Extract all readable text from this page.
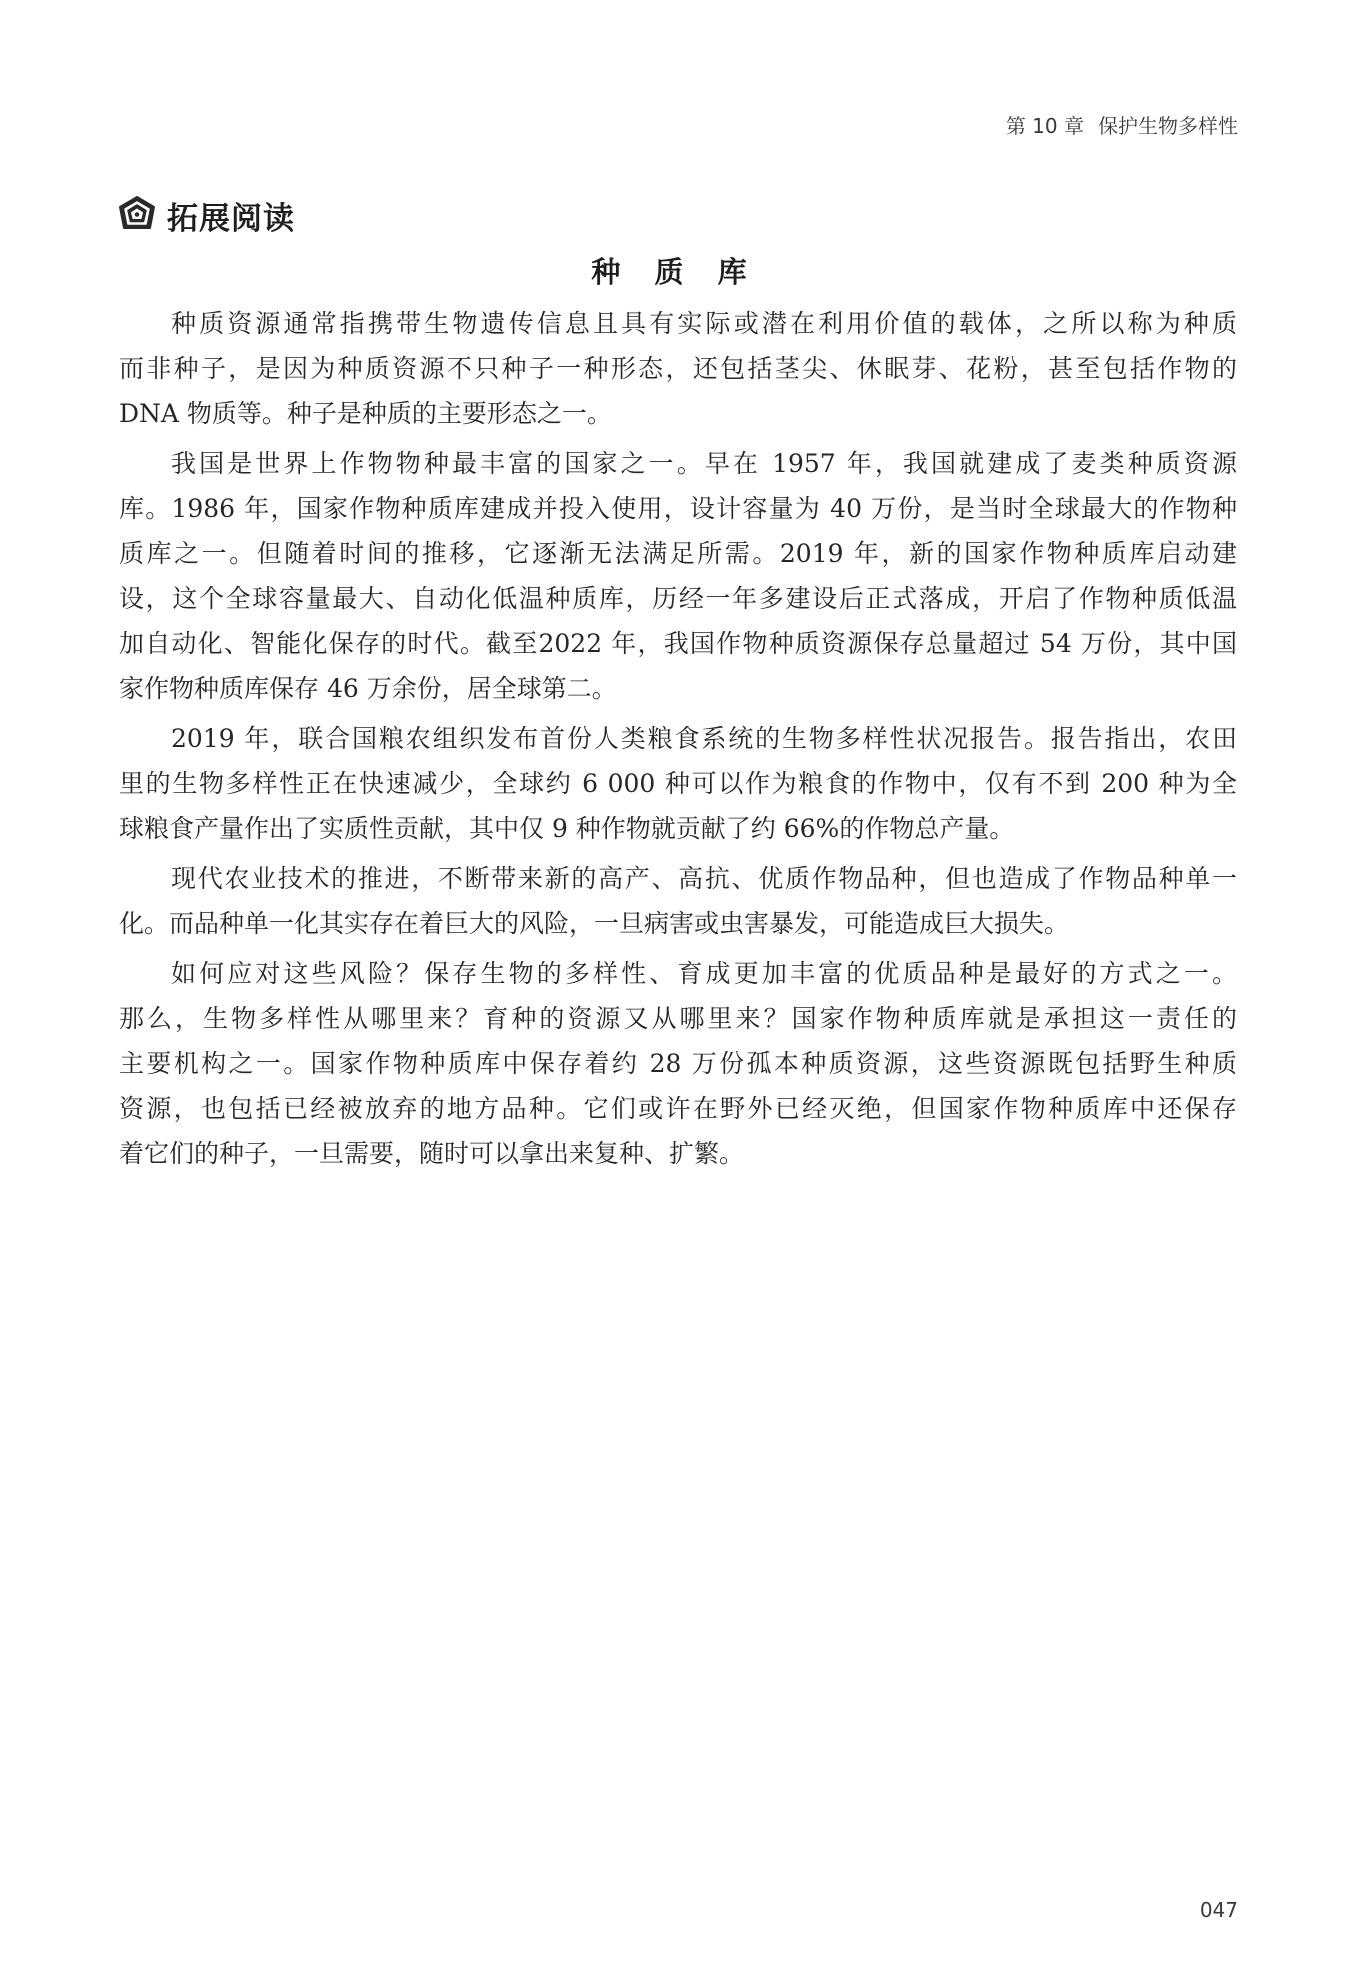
第 10 章 保护生物多样性
拓展阅读
种 质 库
种质资源通常指携带生物遗传信息且具有实际或潜在利用价值的载体，之所以称为种质
而非种子，是因为种质资源不只种子一种形态，还包括茎尖、休眠芽、花粉，甚至包括作物的
DNA 物质等。种子是种质的主要形态之一。
我国是世界上作物物种最丰富的国家之一。早在 1957 年，我国就建成了麦类种质资源
库。1986 年，国家作物种质库建成并投入使用，设计容量为 40 万份，是当时全球最大的作物种
质库之一。但随着时间的推移，它逐渐无法满足所需。2019 年，新的国家作物种质库启动建
设，这个全球容量最大、自动化低温种质库，历经一年多建设后正式落成，开启了作物种质低温
加自动化、智能化保存的时代。截至2022 年，我国作物种质资源保存总量超过 54 万份，其中国
家作物种质库保存 46 万余份，居全球第二。
2019 年，联合国粮农组织发布首份人类粮食系统的生物多样性状况报告。报告指出，农田
里的生物多样性正在快速减少，全球约 6 000 种可以作为粮食的作物中，仅有不到 200 种为全
球粮食产量作出了实质性贡献，其中仅 9 种作物就贡献了约 66%的作物总产量。
现代农业技术的推进，不断带来新的高产、高抗、优质作物品种，但也造成了作物品种单一
化。而品种单一化其实存在着巨大的风险，一旦病害或虫害暴发，可能造成巨大损失。
如何应对这些风险？保存生物的多样性、育成更加丰富的优质品种是最好的方式之一。
那么，生物多样性从哪里来？育种的资源又从哪里来？国家作物种质库就是承担这一责任的
主要机构之一。国家作物种质库中保存着约 28 万份孤本种质资源，这些资源既包括野生种质
资源，也包括已经被放弃的地方品种。它们或许在野外已经灭绝，但国家作物种质库中还保存
着它们的种子，一旦需要，随时可以拿出来复种、扩繁。
047
